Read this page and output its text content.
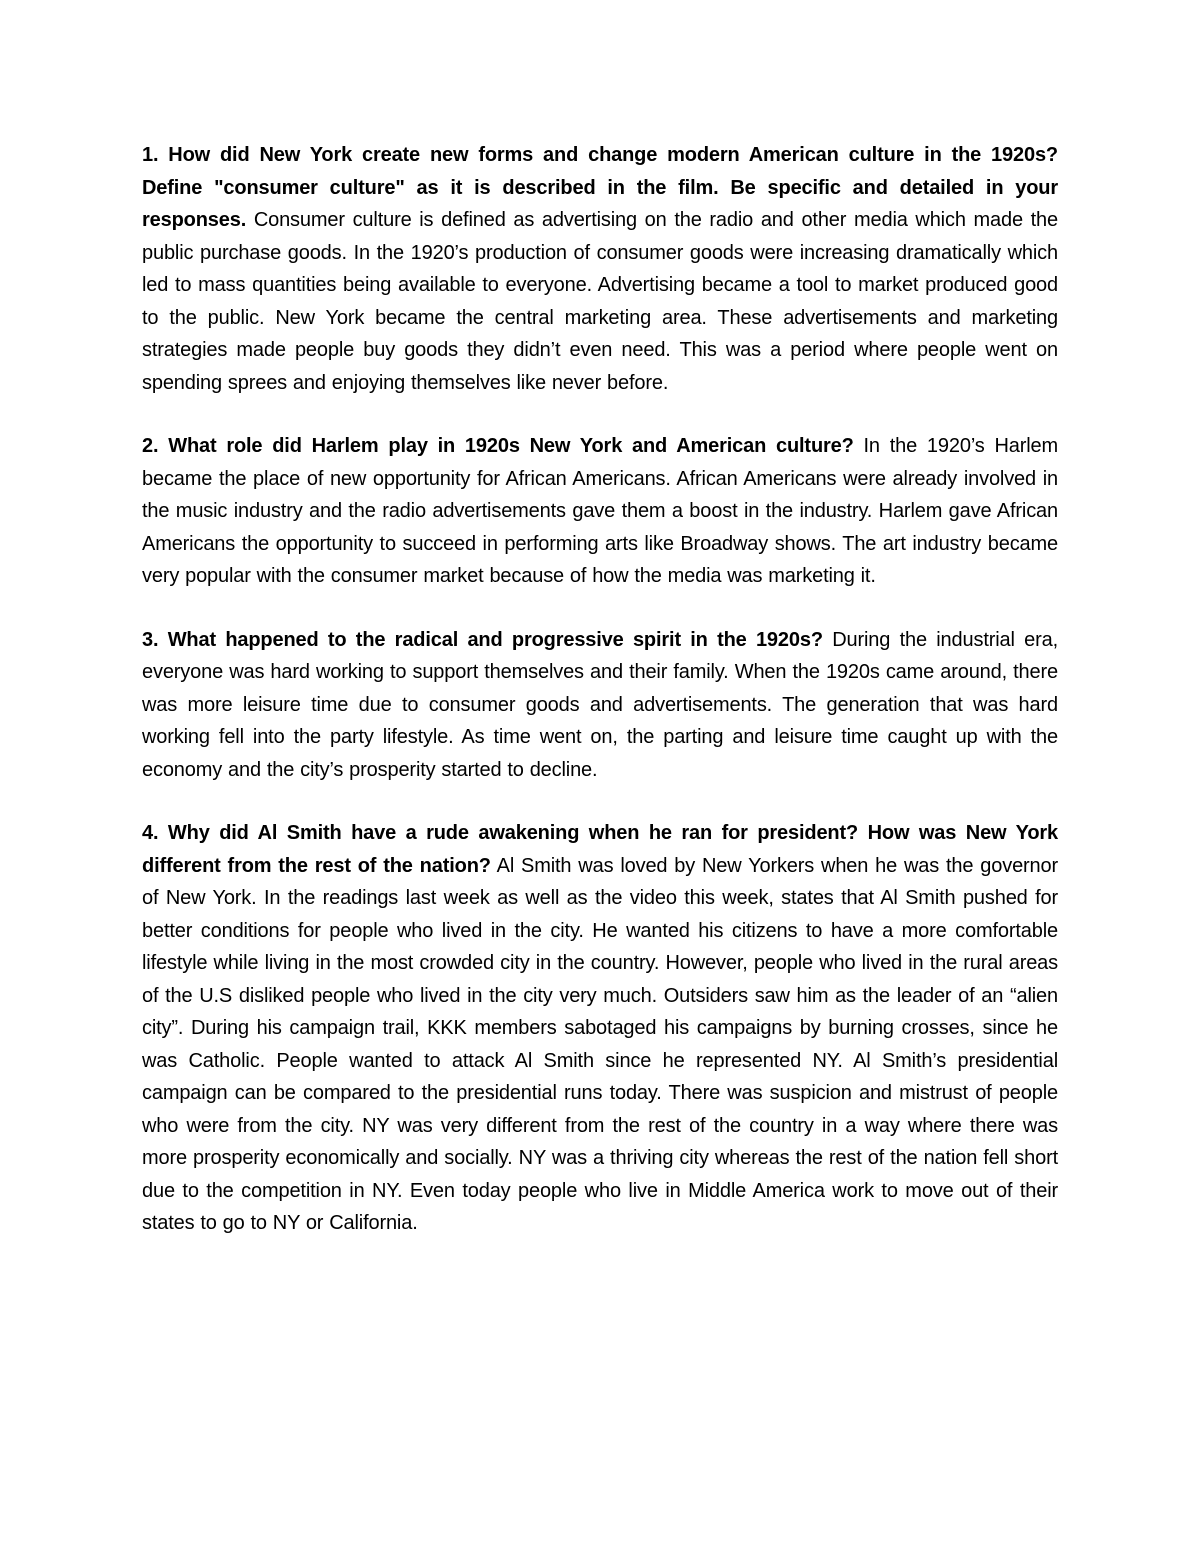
1. How did New York create new forms and change modern American culture in the 1920s? Define "consumer culture" as it is described in the film. Be specific and detailed in your responses. Consumer culture is defined as advertising on the radio and other media which made the public purchase goods. In the 1920’s production of consumer goods were increasing dramatically which led to mass quantities being available to everyone. Advertising became a tool to market produced good to the public. New York became the central marketing area. These advertisements and marketing strategies made people buy goods they didn’t even need. This was a period where people went on spending sprees and enjoying themselves like never before.

2. What role did Harlem play in 1920s New York and American culture? In the 1920’s Harlem became the place of new opportunity for African Americans. African Americans were already involved in the music industry and the radio advertisements gave them a boost in the industry. Harlem gave African Americans the opportunity to succeed in performing arts like Broadway shows. The art industry became very popular with the consumer market because of how the media was marketing it.

3. What happened to the radical and progressive spirit in the 1920s? During the industrial era, everyone was hard working to support themselves and their family. When the 1920s came around, there was more leisure time due to consumer goods and advertisements. The generation that was hard working fell into the party lifestyle. As time went on, the parting and leisure time caught up with the economy and the city’s prosperity started to decline.

4. Why did Al Smith have a rude awakening when he ran for president? How was New York different from the rest of the nation? Al Smith was loved by New Yorkers when he was the governor of New York. In the readings last week as well as the video this week, states that Al Smith pushed for better conditions for people who lived in the city. He wanted his citizens to have a more comfortable lifestyle while living in the most crowded city in the country. However, people who lived in the rural areas of the U.S disliked people who lived in the city very much. Outsiders saw him as the leader of an “alien city”. During his campaign trail, KKK members sabotaged his campaigns by burning crosses, since he was Catholic. People wanted to attack Al Smith since he represented NY. Al Smith’s presidential campaign can be compared to the presidential runs today. There was suspicion and mistrust of people who were from the city. NY was very different from the rest of the country in a way where there was more prosperity economically and socially. NY was a thriving city whereas the rest of the nation fell short due to the competition in NY. Even today people who live in Middle America work to move out of their states to go to NY or California.
